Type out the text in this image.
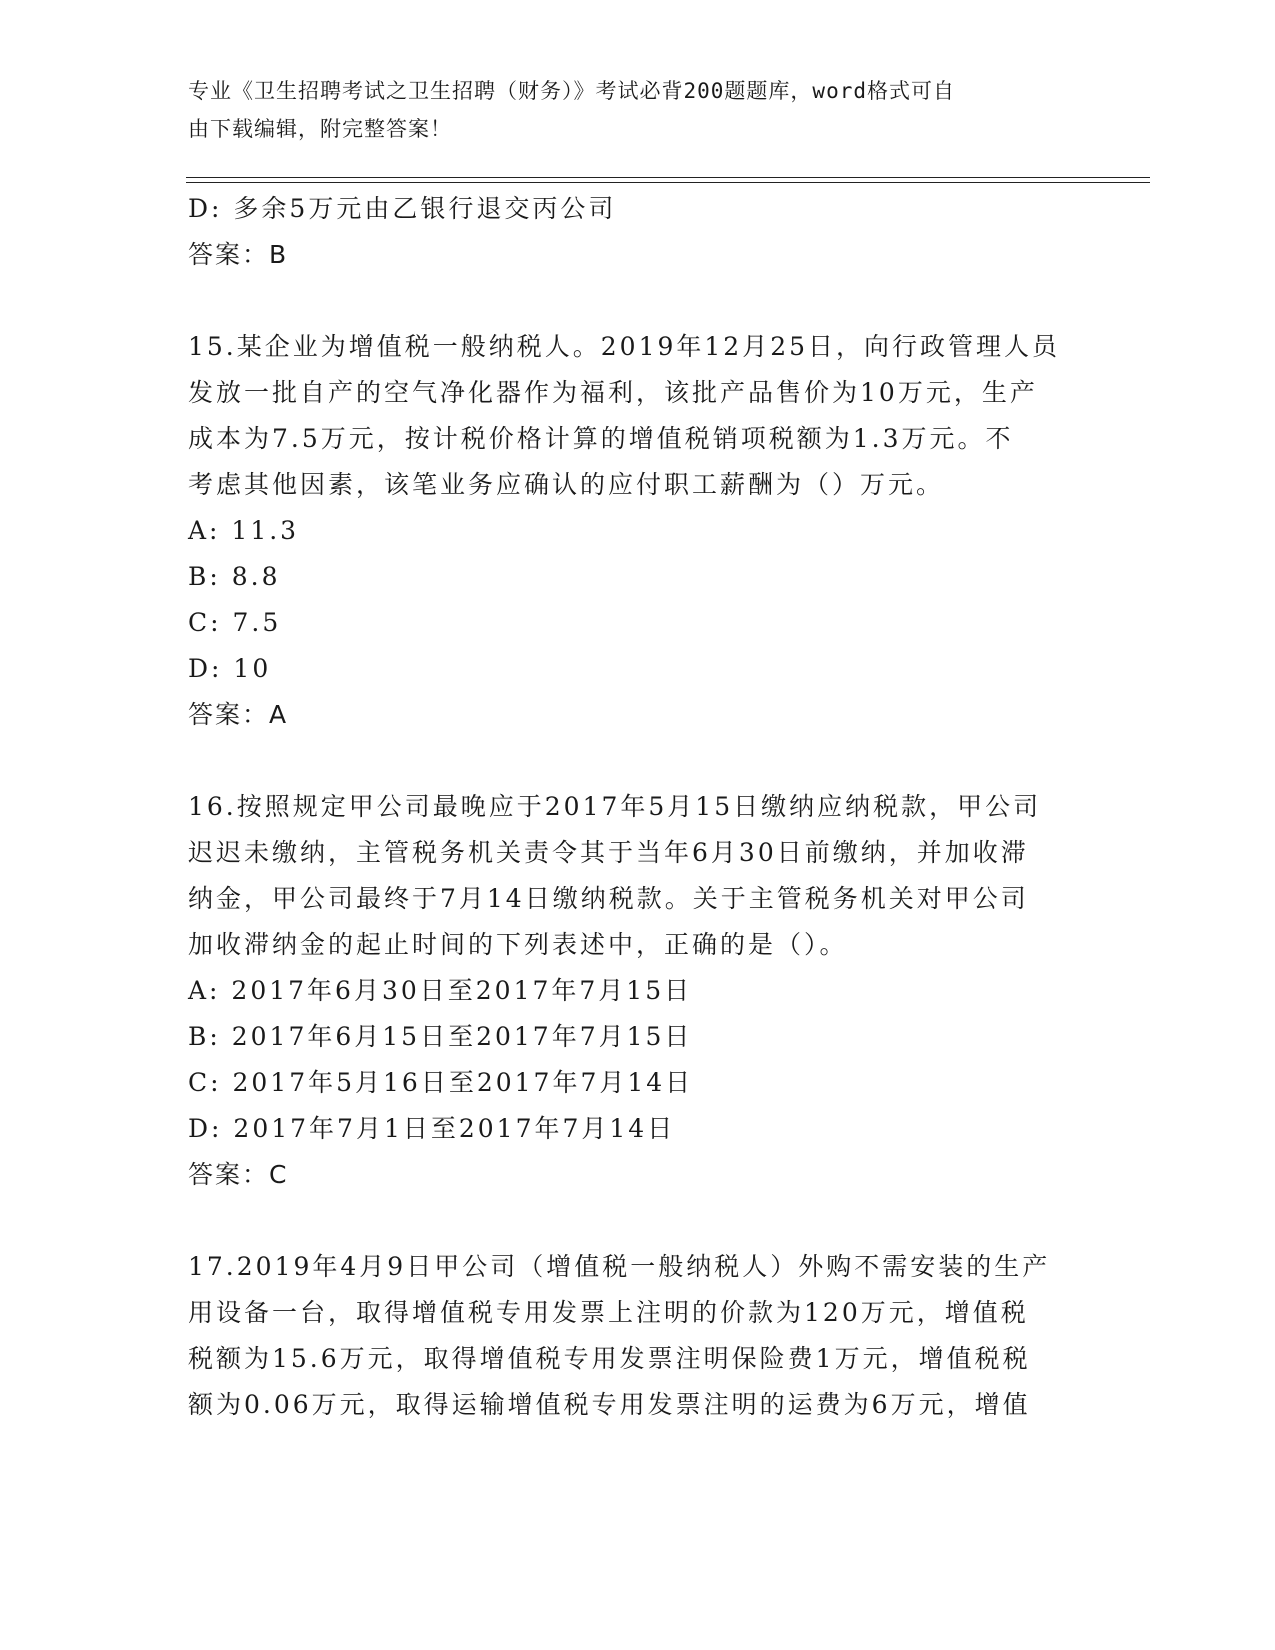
专业《卫生招聘考试之卫生招聘（财务）》考试必背200题题库，word格式可自
由下载编辑，附完整答案！
D: 多余5万元由乙银行退交丙公司
答案：B
15.某企业为增值税一般纳税人。2019年12月25日，向行政管理人员
发放一批自产的空气净化器作为福利，该批产品售价为10万元，生产
成本为7.5万元，按计税价格计算的增值税销项税额为1.3万元。不
考虑其他因素，该笔业务应确认的应付职工薪酬为（）万元。
A: 11.3
B: 8.8
C: 7.5
D: 10
答案：A
16.按照规定甲公司最晚应于2017年5月15日缴纳应纳税款，甲公司
迟迟未缴纳，主管税务机关责令其于当年6月30日前缴纳，并加收滞
纳金，甲公司最终于7月14日缴纳税款。关于主管税务机关对甲公司
加收滞纳金的起止时间的下列表述中，正确的是（）。
A: 2017年6月30日至2017年7月15日
B: 2017年6月15日至2017年7月15日
C: 2017年5月16日至2017年7月14日
D: 2017年7月1日至2017年7月14日
答案：C
17.2019年4月9日甲公司（增值税一般纳税人）外购不需安装的生产
用设备一台，取得增值税专用发票上注明的价款为120万元，增值税
税额为15.6万元，取得增值税专用发票注明保险费1万元，增值税税
额为0.06万元，取得运输增值税专用发票注明的运费为6万元，增值
